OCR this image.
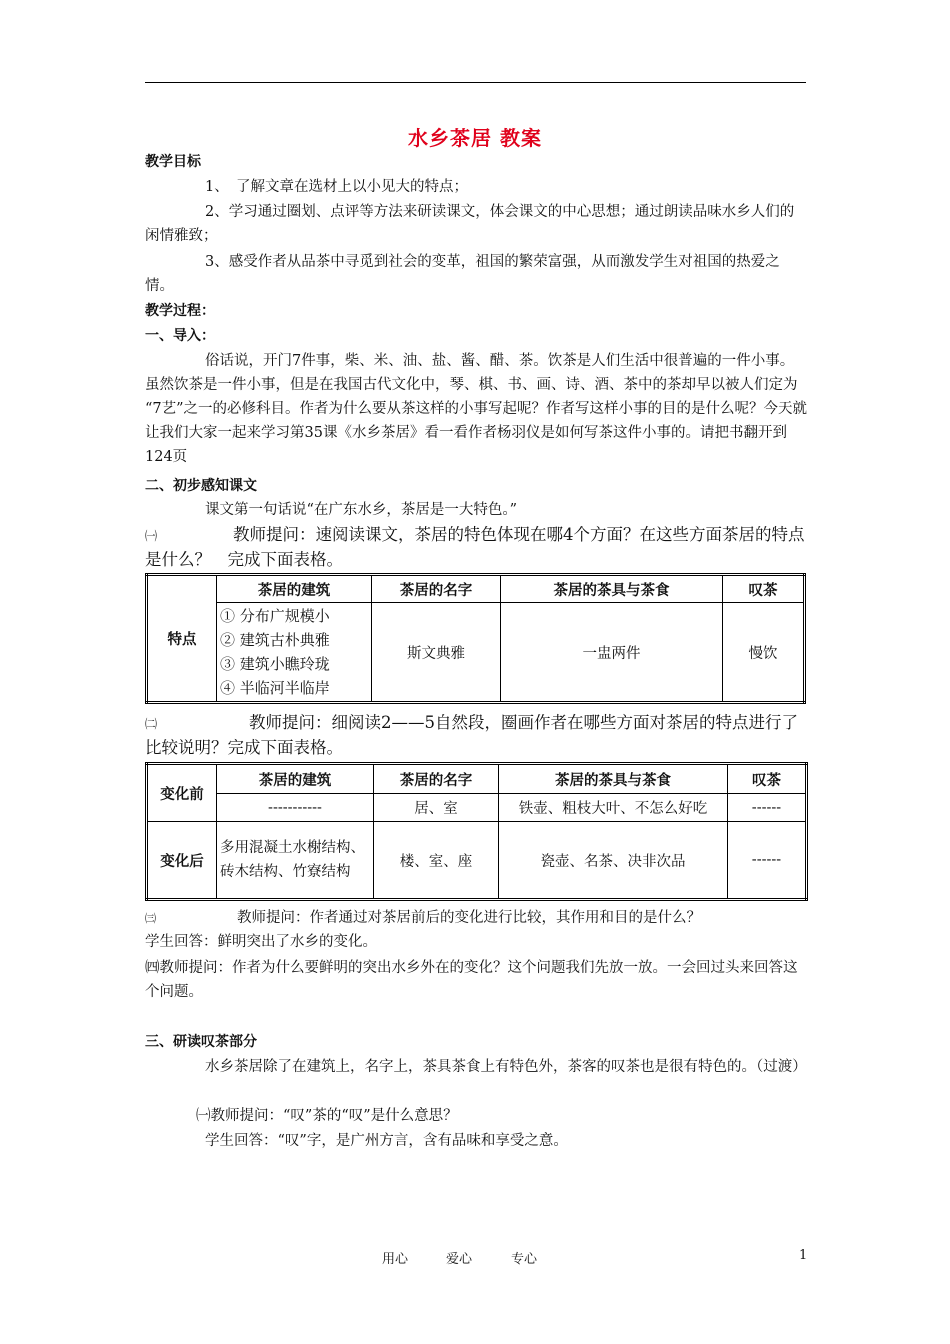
水乡茶居 教案
教学目标
1、　了解文章在选材上以小见大的特点；
2、学习通过圈划、点评等方法来研读课文，体会课文的中心思想；通过朗读品味水乡人们的闲情雅致；
3、感受作者从品茶中寻觅到社会的变革，祖国的繁荣富强，从而激发学生对祖国的热爱之情。
教学过程：
一、导入：
俗话说，开门7件事，柴、米、油、盐、酱、醋、茶。饮茶是人们生活中很普遍的一件小事。虽然饮茶是一件小事，但是在我国古代文化中，琴、棋、书、画、诗、酒、茶中的茶却早以被人们定为 “7艺”之一的必修科目。作者为什么要从茶这样的小事写起呢？作者写这样小事的目的是什么呢？今天就让我们大家一起来学习第35课《水乡茶居》看一看作者杨羽仪是如何写茶这件小事的。请把书翻开到124页
二、初步感知课文
课文第一句话说“在广东水乡，茶居是一大特色。”
㈠	教师提问：速阅读课文，茶居的特色体现在哪4个方面？在这些方面茶居的特点是什么？　完成下面表格。
特点	茶居的建筑	茶居的名字	茶居的茶具与茶食	叹茶

	① 分布广规模小
② 建筑古朴典雅
③ 建筑小瞧玲珑
④ 半临河半临岸	斯文典雅	一盅两件	慢饮
㈡	教师提问：细阅读2——5自然段，圈画作者在哪些方面对茶居的特点进行了比较说明？完成下面表格。
变化前	茶居的建筑	茶居的名字	茶居的茶具与茶食	叹茶
	-----------	居、室	铁壶、粗枝大叶、不怎么好吃	------
变化后	多用混凝土水榭结构、砖木结构、竹寮结构	楼、室、座	瓷壶、名茶、决非次品	------
㈢	教师提问：作者通过对茶居前后的变化进行比较，其作用和目的是什么？
学生回答：鲜明突出了水乡的变化。
㈣教师提问：作者为什么要鲜明的突出水乡外在的变化？这个问题我们先放一放。一会回过头来回答这个问题。
三、研读叹茶部分
水乡茶居除了在建筑上，名字上，茶具茶食上有特色外，茶客的叹茶也是很有特色的。（过渡）
㈠教师提问：“叹”茶的“叹”是什么意思？
学生回答：“叹”字，是广州方言，含有品味和享受之意。
用心	爱心	专心	1
